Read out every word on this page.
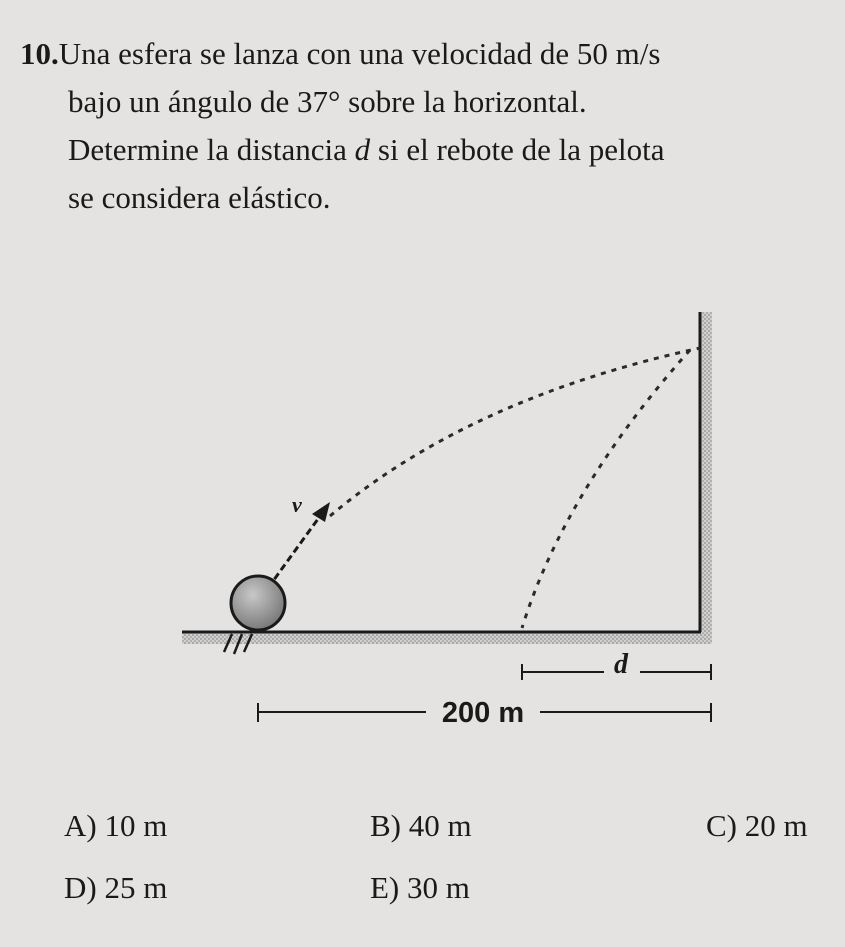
10.Una esfera se lanza con una velocidad de 50 m/s
bajo un ángulo de 37° sobre la horizontal.
Determine la distancia d si el rebote de la pelota
se considera elástico.
v
d
200 m
A) 10 m	B) 40 m	C) 20 m
D) 25 m	E) 30 m
